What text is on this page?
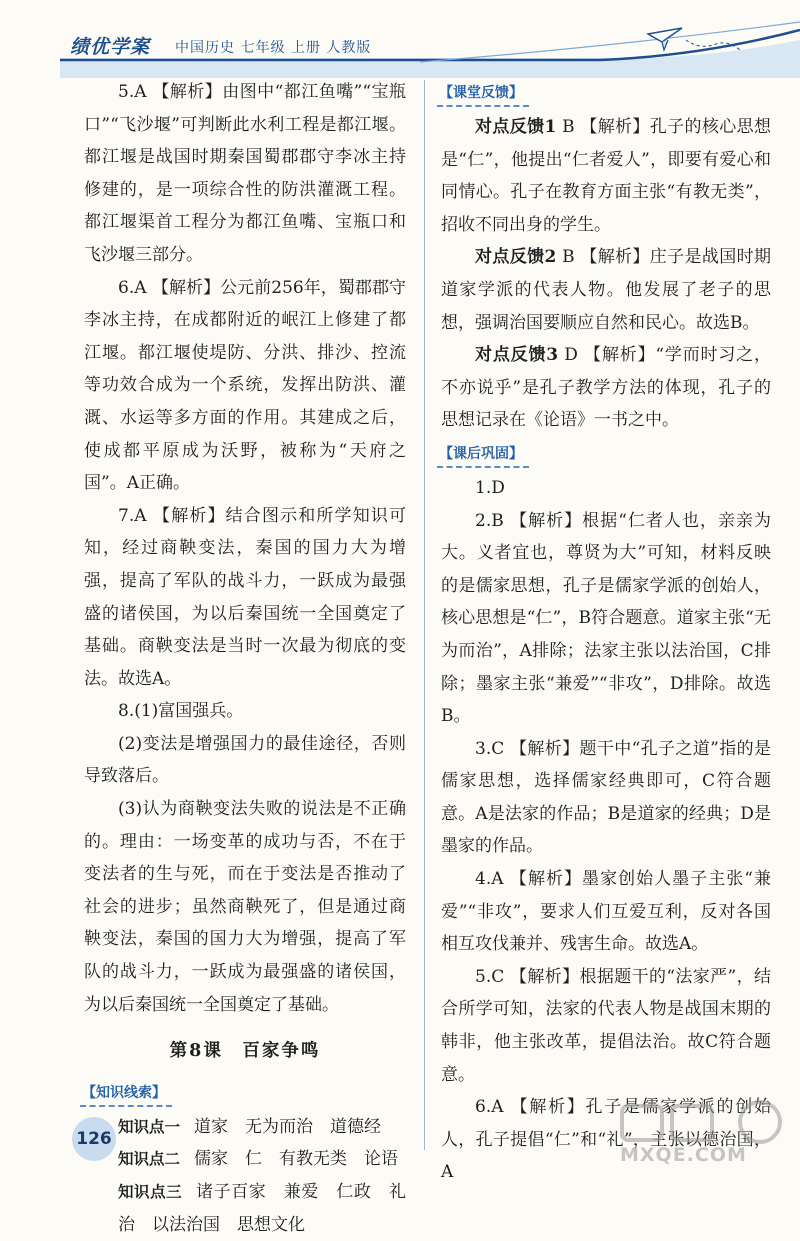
绩优学案 中国历史 七年级 上册 人教版

5.A 【解析】由图中“都江鱼嘴”“宝瓶口”“飞沙堰”可判断此水利工程是都江堰。都江堰是战国时期秦国蜀郡郡守李冰主持修建的，是一项综合性的防洪灌溉工程。都江堰渠首工程分为都江鱼嘴、宝瓶口和飞沙堰三部分。

6.A 【解析】公元前256年，蜀郡郡守李冰主持，在成都附近的岷江上修建了都江堰。都江堰使堤防、分洪、排沙、控流等功效合成为一个系统，发挥出防洪、灌溉、水运等多方面的作用。其建成之后，使成都平原成为沃野，被称为“天府之国”。A正确。

7.A 【解析】结合图示和所学知识可知，经过商鞅变法，秦国的国力大为增强，提高了军队的战斗力，一跃成为最强盛的诸侯国，为以后秦国统一全国奠定了基础。商鞅变法是当时一次最为彻底的变法。故选A。

8.(1)富国强兵。

(2)变法是增强国力的最佳途径，否则导致落后。

(3)认为商鞅变法失败的说法是不正确的。理由：一场变革的成功与否，不在于变法者的生与死，而在于变法是否推动了社会的进步；虽然商鞅死了，但是通过商鞅变法，秦国的国力大为增强，提高了军队的战斗力，一跃成为最强盛的诸侯国，为以后秦国统一全国奠定了基础。

第8课　百家争鸣
【知识线索】

知识点一 道家　无为而治　道德经

知识点二 儒家　仁　有教无类　论语

知识点三 诸子百家　兼爱　仁政　礼治　以法治国　思想文化

【课堂反馈】

对点反馈1 B 【解析】孔子的核心思想是“仁”，他提出“仁者爱人”，即要有爱心和同情心。孔子在教育方面主张“有教无类”，招收不同出身的学生。

对点反馈2 B 【解析】庄子是战国时期道家学派的代表人物。他发展了老子的思想，强调治国要顺应自然和民心。故选B。

对点反馈3 D 【解析】“学而时习之，不亦说乎”是孔子教学方法的体现，孔子的思想记录在《论语》一书之中。

【课后巩固】

1.D

2.B 【解析】根据“仁者人也，亲亲为大。义者宜也，尊贤为大”可知，材料反映的是儒家思想，孔子是儒家学派的创始人，核心思想是“仁”，B符合题意。道家主张“无为而治”，A排除；法家主张以法治国，C排除；墨家主张“兼爱”“非攻”，D排除。故选B。

3.C 【解析】题干中“孔子之道”指的是儒家思想，选择儒家经典即可，C符合题意。A是法家的作品；B是道家的经典；D是墨家的作品。

4.A 【解析】墨家创始人墨子主张“兼爱”“非攻”，要求人们互爱互利，反对各国相互攻伐兼并、残害生命。故选A。

5.C 【解析】根据题干的“法家严”，结合所学可知，法家的代表人物是战国末期的韩非，他主张改革，提倡法治。故C符合题意。

6.A 【解析】孔子是儒家学派的创始人，孔子提倡“仁”和“礼”，主张以德治国，A

126
MXQE.COM
